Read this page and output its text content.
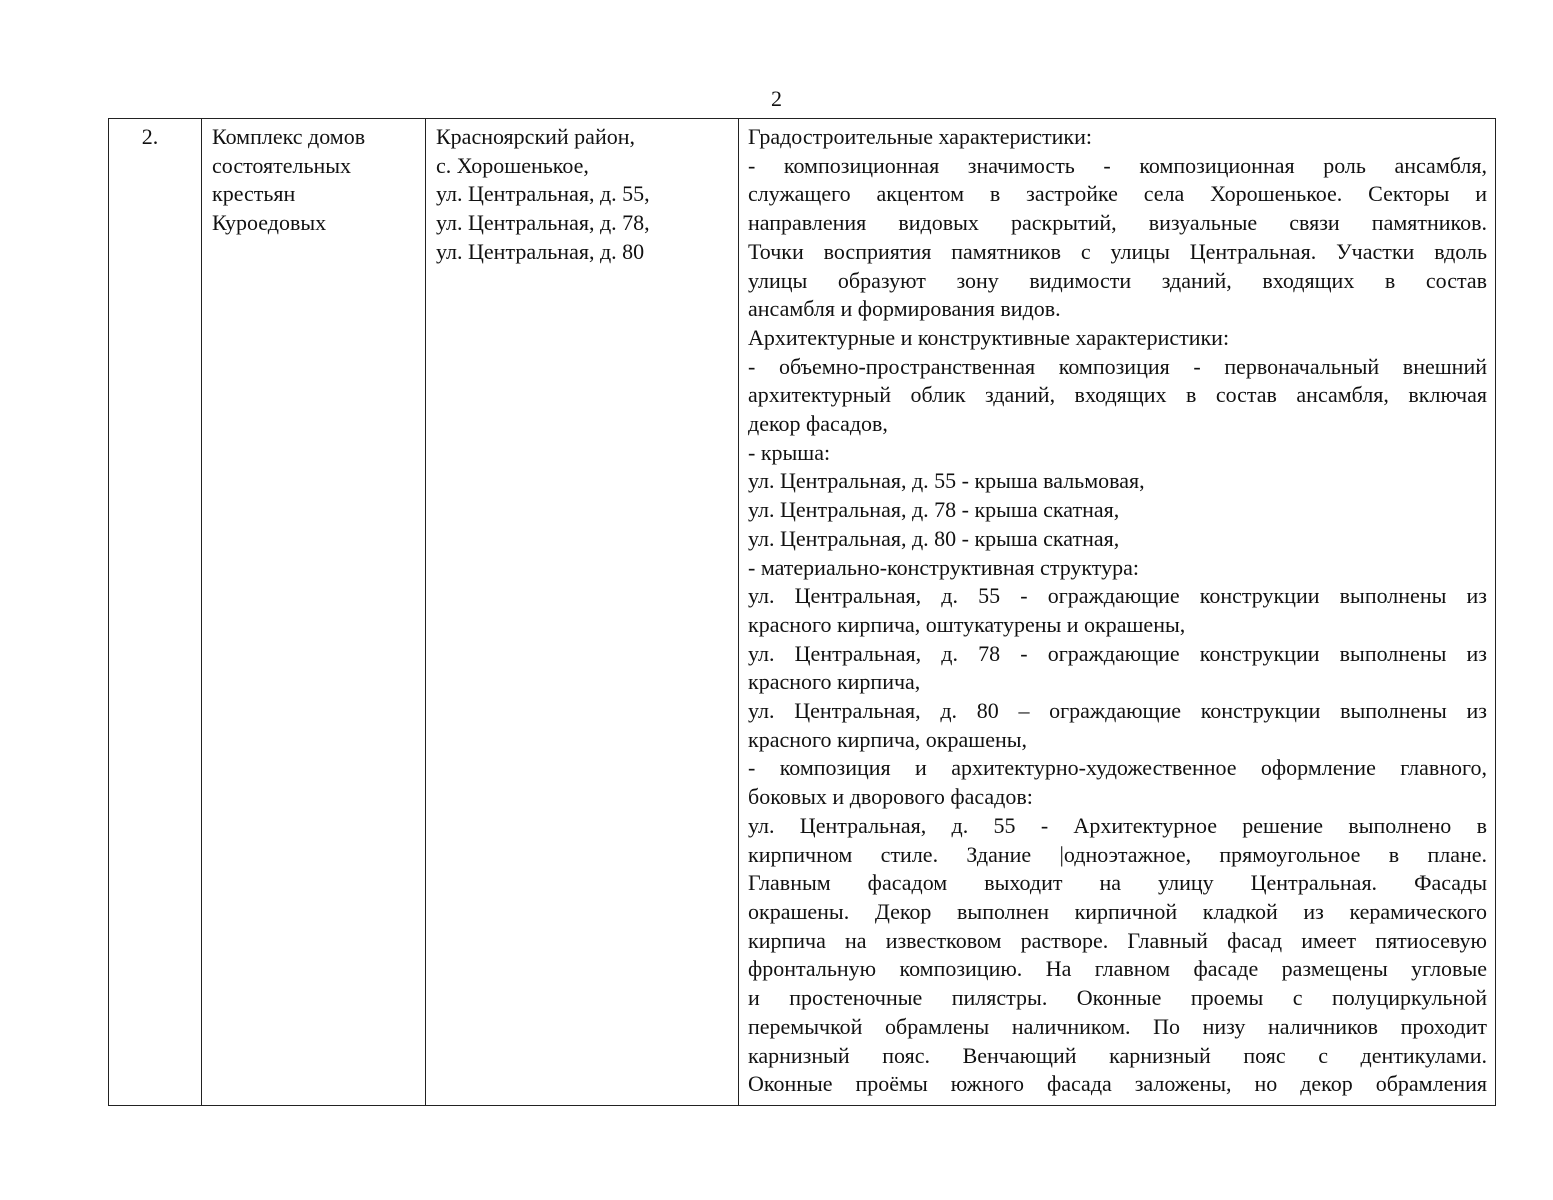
2
2.	Комплекс домов
состоятельных
крестьян
Куроедовых
Красноярский район,
с. Хорошенькое,
ул. Центральная, д. 55,
ул. Центральная, д. 78,
ул. Центральная, д. 80
Градостроительные характеристики:
- композиционная значимость - композиционная роль ансамбля,
служащего акцентом в застройке села Хорошенькое. Секторы и
направления видовых раскрытий, визуальные связи памятников.
Точки восприятия памятников с улицы Центральная. Участки вдоль
улицы образуют зону видимости зданий, входящих в состав
ансамбля и формирования видов.
Архитектурные и конструктивные характеристики:
- объемно-пространственная композиция - первоначальный внешний
архитектурный облик зданий, входящих в состав ансамбля, включая
декор фасадов,
- крыша:
ул. Центральная, д. 55 - крыша вальмовая,
ул. Центральная, д. 78 - крыша скатная,
ул. Центральная, д. 80 - крыша скатная,
- материально-конструктивная структура:
ул. Центральная, д. 55 - ограждающие конструкции выполнены из
красного кирпича, оштукатурены и окрашены,
ул. Центральная, д. 78 - ограждающие конструкции выполнены из
красного кирпича,
ул. Центральная, д. 80 – ограждающие конструкции выполнены из
красного кирпича, окрашены,
- композиция и архитектурно-художественное оформление главного,
боковых и дворового фасадов:
ул. Центральная, д. 55 - Архитектурное решение выполнено в
кирпичном стиле. Здание |одноэтажное, прямоугольное в плане.
Главным фасадом выходит на улицу Центральная. Фасады
окрашены. Декор выполнен кирпичной кладкой из керамического
кирпича на известковом растворе. Главный фасад имеет пятиосевую
фронтальную композицию. На главном фасаде размещены угловые
и простеночные пилястры. Оконные проемы с полуциркульной
перемычкой обрамлены наличником. По низу наличников проходит
карнизный пояс. Венчающий карнизный пояс с дентикулами.
Оконные проёмы южного фасада заложены, но декор обрамления
